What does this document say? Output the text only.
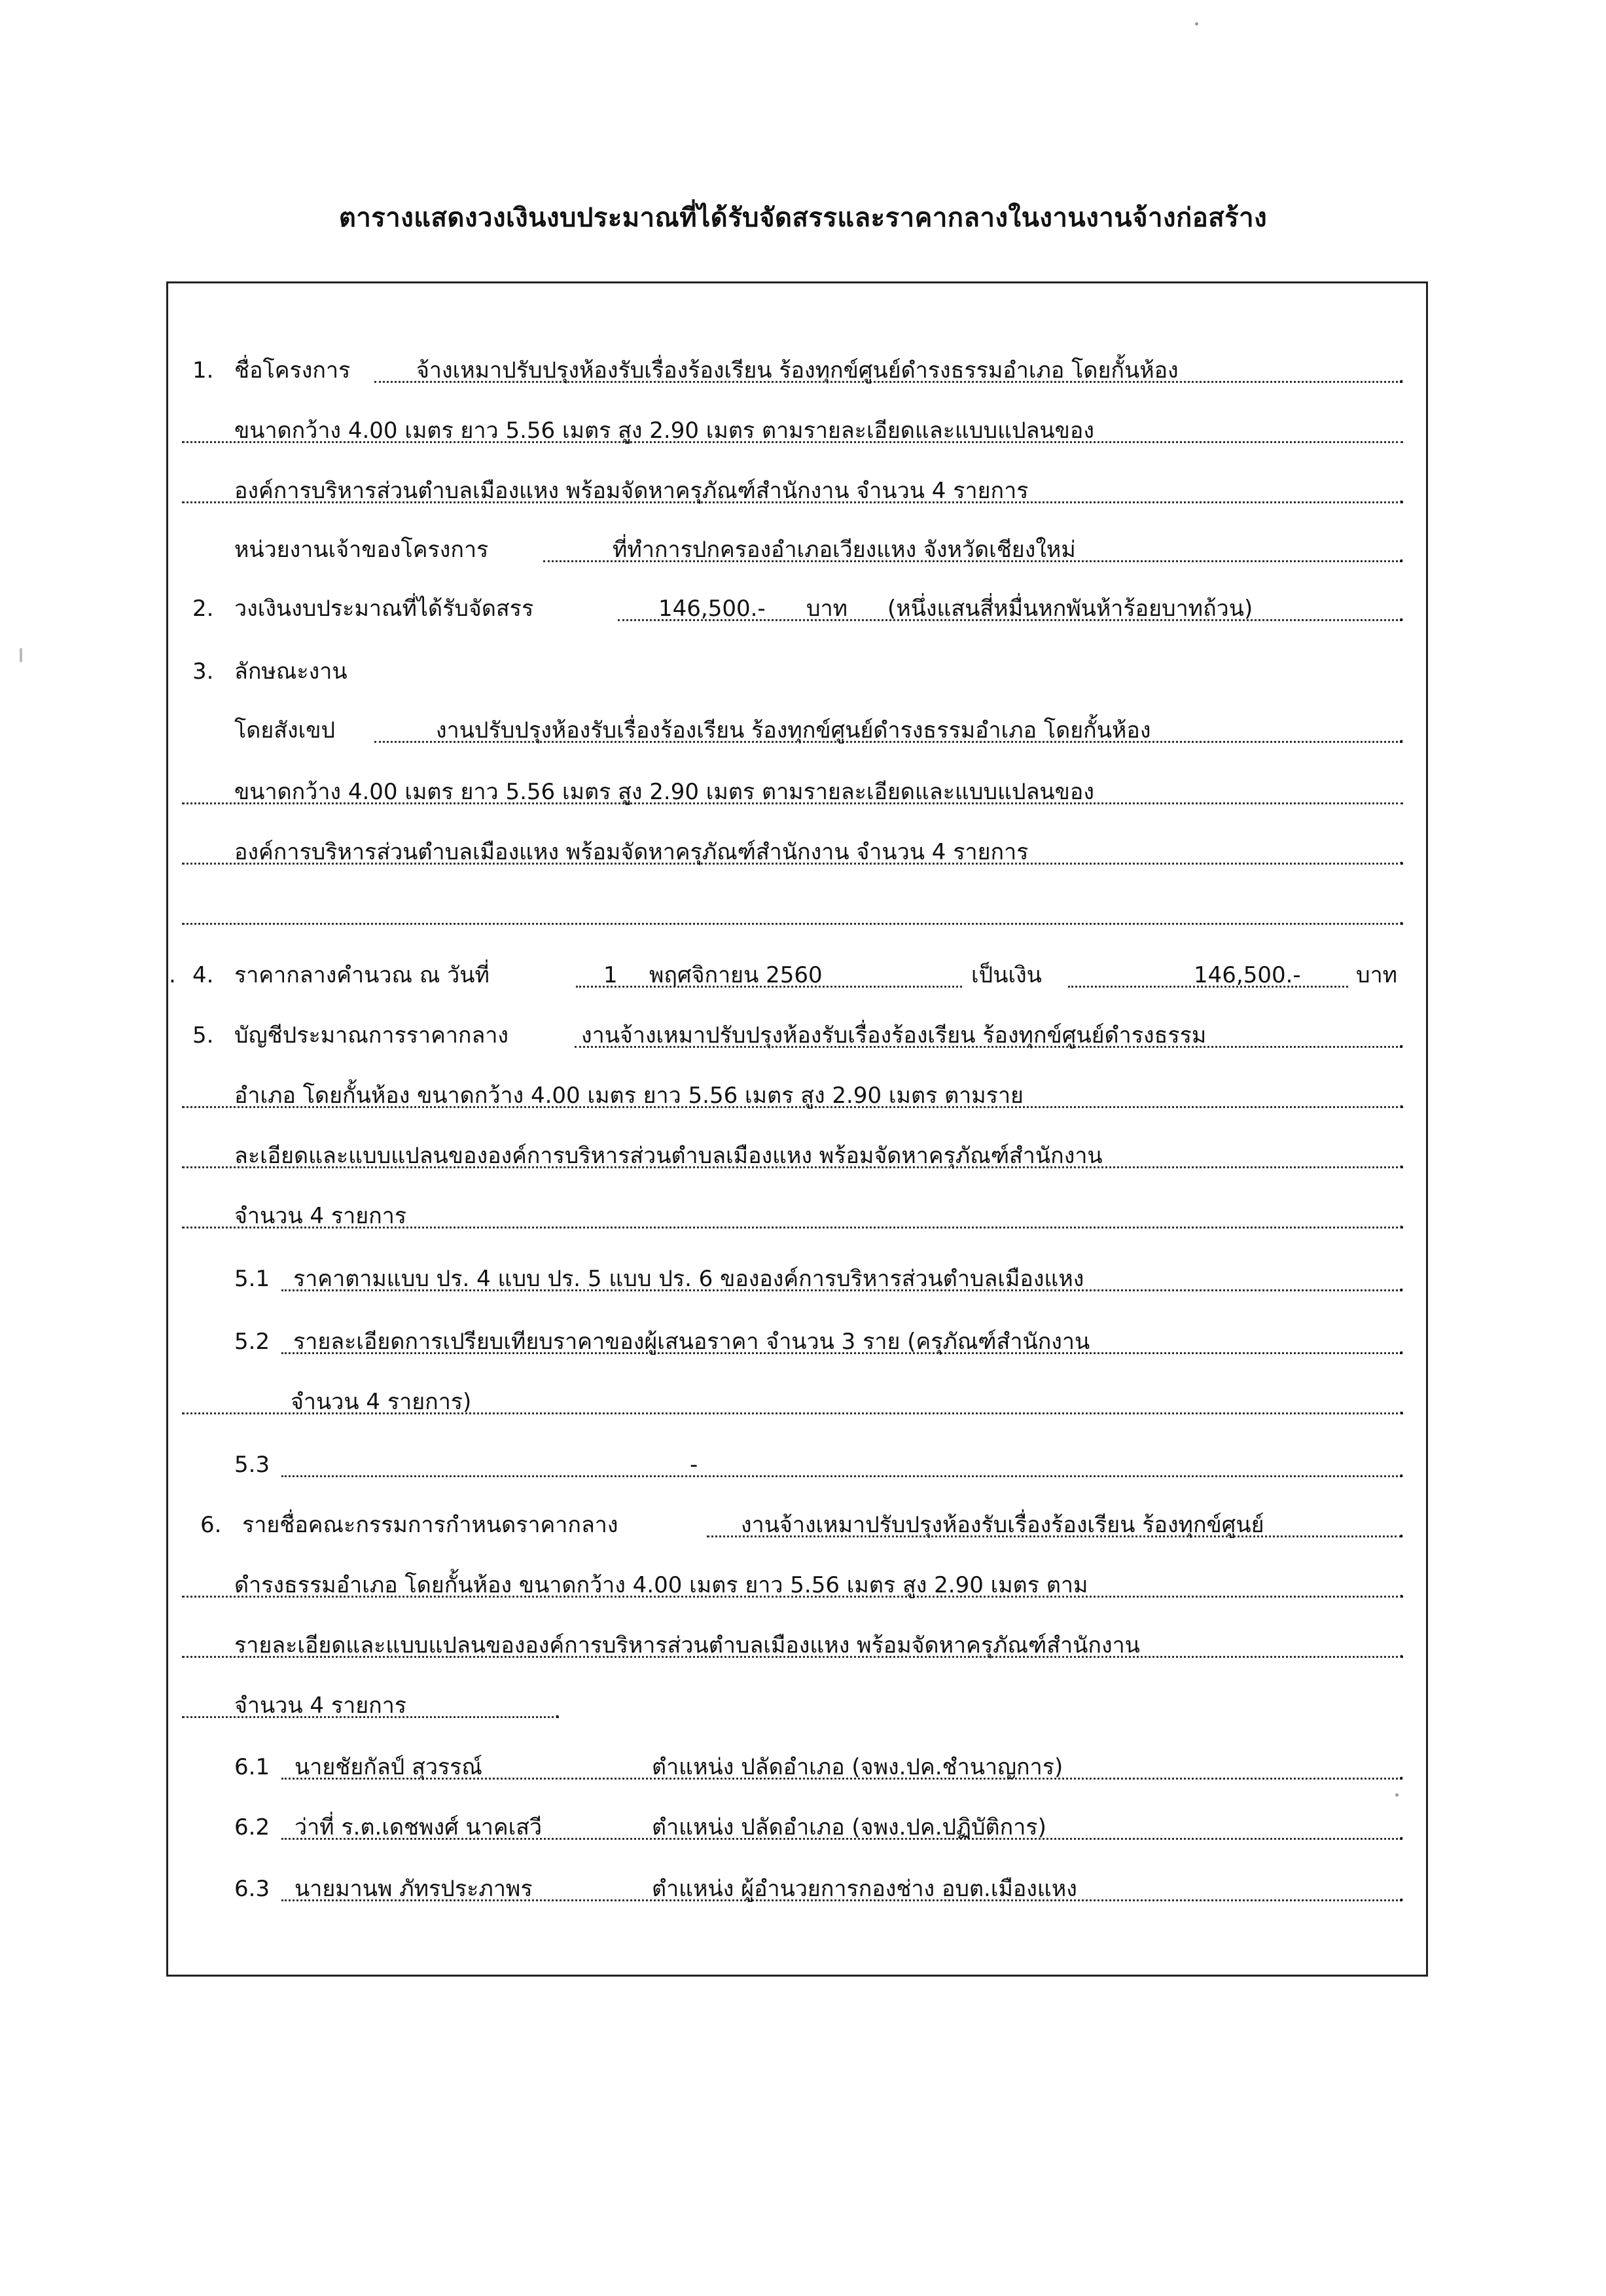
ตารางแสดงวงเงินงบประมาณที่ได้รับจัดสรรและราคากลางในงานงานจ้างก่อสร้าง
1. ชื่อโครงการ	จ้างเหมาปรับปรุงห้องรับเรื่องร้องเรียน ร้องทุกข์ศูนย์ดำรงธรรมอำเภอ โดยกั้นห้อง	.
ขนาดกว้าง 4.00 เมตร ยาว 5.56 เมตร สูง 2.90 เมตร ตามรายละเอียดและแบบแปลนของ
องค์การบริหารส่วนตำบลเมืองแหง พร้อมจัดหาครุภัณฑ์สำนักงาน จำนวน 4 รายการ	.
หน่วยงานเจ้าของโครงการ	ที่ทำการปกครองอำเภอเวียงแหง จังหวัดเชียงใหม่	.
2. วงเงินงบประมาณที่ได้รับจัดสรร	146,500.- บาท (หนึ่งแสนสี่หมื่นหกพันห้าร้อยบาทถ้วน)	.
3. ลักษณะงาน
โดยสังเขป	งานปรับปรุงห้องรับเรื่องร้องเรียน ร้องทุกข์ศูนย์ดำรงธรรมอำเภอ โดยกั้นห้อง	.
ขนาดกว้าง 4.00 เมตร ยาว 5.56 เมตร สูง 2.90 เมตร ตามรายละเอียดและแบบแปลนของ
องค์การบริหารส่วนตำบลเมืองแหง พร้อมจัดหาครุภัณฑ์สำนักงาน จำนวน 4 รายการ	.
.
. 4. ราคากลางคำนวณ ณ วันที่	1 พฤศจิกายน 2560	เป็นเงิน	146,500.- บาท
5. บัญชีประมาณการราคากลาง	งานจ้างเหมาปรับปรุงห้องรับเรื่องร้องเรียน ร้องทุกข์ศูนย์ดำรงธรรม	.
อำเภอ โดยกั้นห้อง ขนาดกว้าง 4.00 เมตร ยาว 5.56 เมตร สูง 2.90 เมตร ตามราย	.
ละเอียดและแบบแปลนขององค์การบริหารส่วนตำบลเมืองแหง พร้อมจัดหาครุภัณฑ์สำนักงาน	.
จำนวน 4 รายการ	.
5.1 ราคาตามแบบ ปร. 4 แบบ ปร. 5 แบบ ปร. 6 ขององค์การบริหารส่วนตำบลเมืองแหง	.
5.2 รายละเอียดการเปรียบเทียบราคาของผู้เสนอราคา จำนวน 3 ราย (ครุภัณฑ์สำนักงาน	.
จำนวน 4 รายการ)	.
5.3	-	.
6. รายชื่อคณะกรรมการกำหนดราคากลาง	งานจ้างเหมาปรับปรุงห้องรับเรื่องร้องเรียน ร้องทุกข์ศูนย์	.
ดำรงธรรมอำเภอ โดยกั้นห้อง ขนาดกว้าง 4.00 เมตร ยาว 5.56 เมตร สูง 2.90 เมตร ตาม	.
รายละเอียดและแบบแปลนขององค์การบริหารส่วนตำบลเมืองแหง พร้อมจัดหาครุภัณฑ์สำนักงาน	.
จำนวน 4 รายการ	.
6.1 นายชัยกัลป์ สุวรรณ์	ตำแหน่ง ปลัดอำเภอ (จพง.ปค.ชำนาญการ)	.
6.2 ว่าที่ ร.ต.เดชพงศ์ นาคเสวี	ตำแหน่ง ปลัดอำเภอ (จพง.ปค.ปฏิบัติการ)	.
6.3 นายมานพ ภัทรประภาพร	ตำแหน่ง ผู้อำนวยการกองช่าง อบต.เมืองแหง	.
